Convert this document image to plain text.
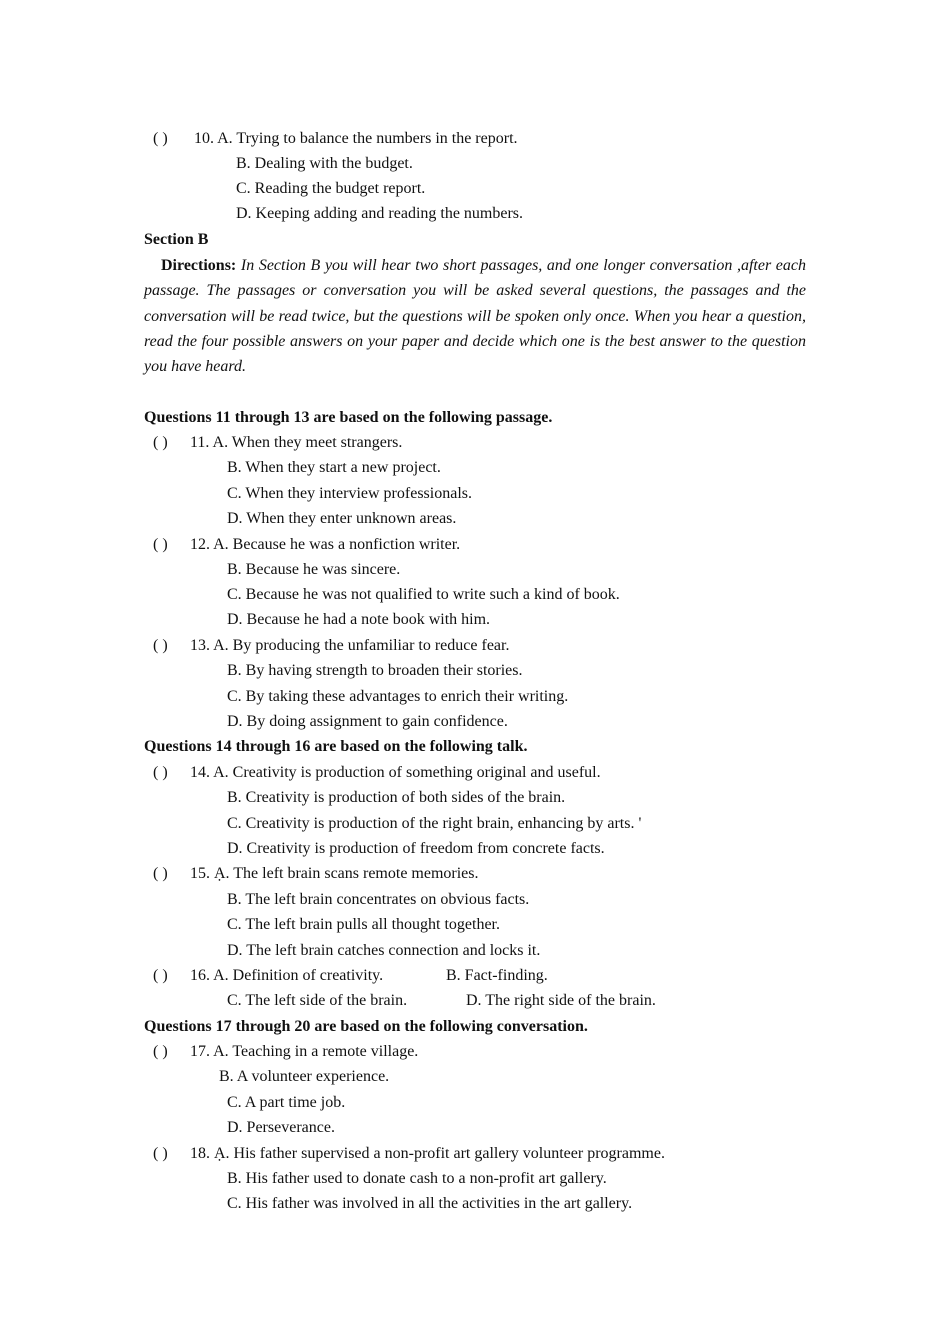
( ) 10. A. Trying to balance the numbers in the report.
B. Dealing with the budget.
C. Reading the budget report.
D. Keeping adding and reading the numbers.
Section B
Directions: In Section B you will hear two short passages, and one longer conversation ,after each passage. The passages or conversation you will be asked several questions, the passages and the conversation will be read twice, but the questions will be spoken only once. When you hear a question, read the four possible answers on your paper and decide which one is the best answer to the question you have heard.
Questions 11 through 13 are based on the following passage.
( ) 11. A. When they meet strangers.
B. When they start a new project.
C. When they interview professionals.
D. When they enter unknown areas.
( ) 12. A. Because he was a nonfiction writer.
B. Because he was sincere.
C. Because he was not qualified to write such a kind of book.
D. Because he had a note book with him.
( ) 13. A. By producing the unfamiliar to reduce fear.
B. By having strength to broaden their stories.
C. By taking these advantages to enrich their writing.
D. By doing assignment to gain confidence.
Questions 14 through 16 are based on the following talk.
( ) 14. A. Creativity is production of something original and useful.
B. Creativity is production of both sides of the brain.
C. Creativity is production of the right brain, enhancing by arts. '
D. Creativity is production of freedom from concrete facts.
( ) 15. Ạ. The left brain scans remote memories.
B. The left brain concentrates on obvious facts.
C. The left brain pulls all thought together.
D. The left brain catches connection and locks it.
( ) 16. A. Definition of creativity.	B. Fact-finding.
C. The left side of the brain.	D. The right side of the brain.
Questions 17 through 20 are based on the following conversation.
( ) 17. A. Teaching in a remote village.
B. A volunteer experience.
C. A part time job.
D. Perseverance.
( ) 18. Ạ. His father supervised a non-profit art gallery volunteer programme.
B. His father used to donate cash to a non-profit art gallery.
C. His father was involved in all the activities in the art gallery.
